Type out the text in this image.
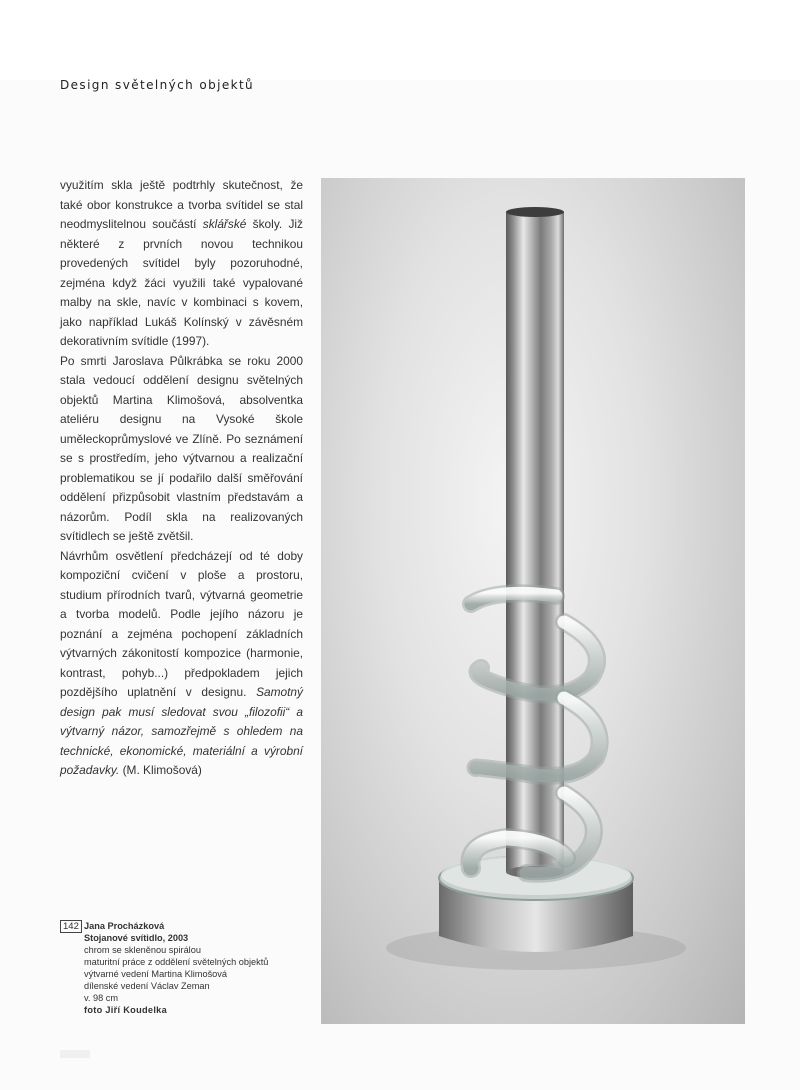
Design světelných objektů

využitím skla ještě podtrhly skutečnost, že také obor konstrukce a tvorba svítidel se stal neodmyslitelnou součástí sklářské školy. Již některé z prvních novou technikou provedených svítidel byly pozoruhodné, zejména když žáci využili také vypalované malby na skle, navíc v kombinaci s kovem, jako například Lukáš Kolínský v závěsném dekorativním svítidle (1997).

Po smrti Jaroslava Půlkrábka se roku 2000 stala vedoucí oddělení designu světelných objektů Martina Klimošová, absolventka ateliéru designu na Vysoké škole uměleckoprůmyslové ve Zlíně. Po seznámení se s prostředím, jeho výtvarnou a realizační problematikou se jí podařilo další směřování oddělení přizpůsobit vlastním představám a názorům. Podíl skla na realizovaných svítidlech se ještě zvětšil.

Návrhům osvětlení předcházejí od té doby kompoziční cvičení v ploše a prostoru, studium přírodních tvarů, výtvarná geometrie a tvorba modelů. Podle jejího názoru je poznání a zejména pochopení základních výtvarných zákonitostí kompozice (harmonie, kontrast, pohyb...) předpokladem jejich pozdějšího uplatnění v designu. Samotný design pak musí sledovat svou „filozofii“ a výtvarný názor, samozřejmě s ohledem na technické, ekonomické, materiální a výrobní požadavky. (M. Klimošová)

142 Jana Procházková
Stojanové svítidlo, 2003
chrom se skleněnou spirálou
maturitní práce z oddělení světelných objektů
výtvarné vedení Martina Klimošová
dílenské vedení Václav Zeman
v. 98 cm
foto Jiří Koudelka
